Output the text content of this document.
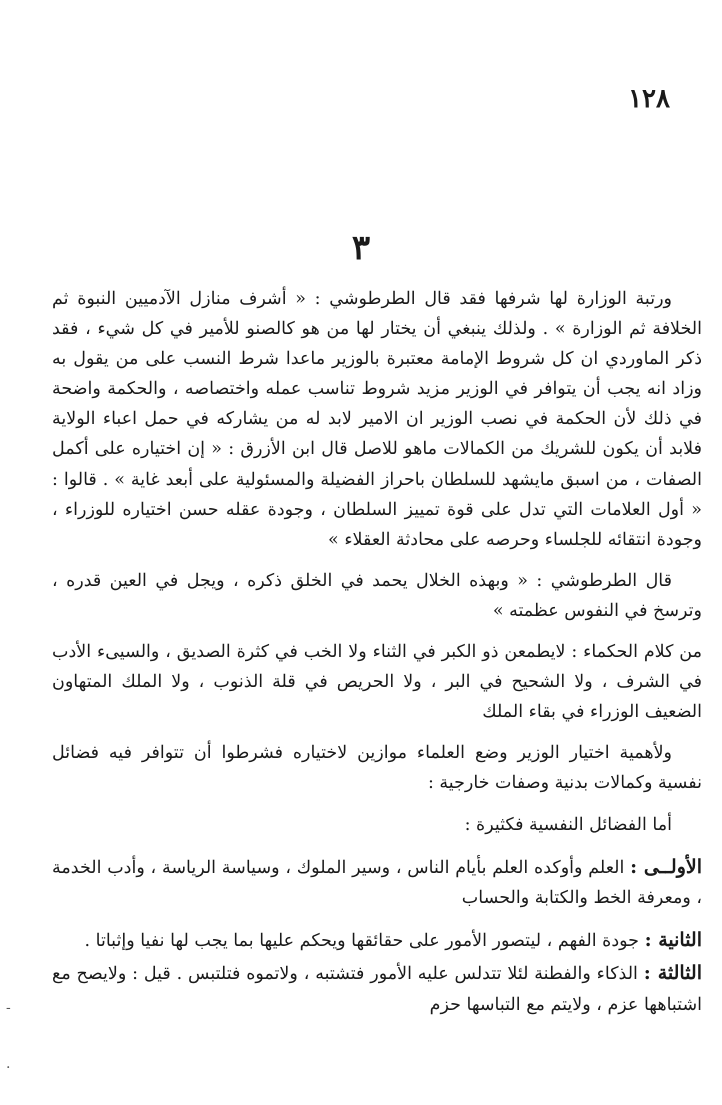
١٢٨
٣

ورتبة الوزارة لها شرفها فقد قال الطرطوشي : « أشرف منازل الآدميين النبوة ثم الخلافة ثم الوزارة » . ولذلك ينبغي أن يختار لها من هو كالصنو للأمير في كل شيء ، فقد ذكر الماوردي ان كل شروط الإمامة معتبرة بالوزير ماعدا شرط النسب على من يقول به وزاد انه يجب أن يتوافر في الوزير مزيد شروط تناسب عمله واختصاصه ، والحكمة واضحة في ذلك لأن الحكمة في نصب الوزير ان الامير لابد له من يشاركه في حمل اعباء الولاية فلابد أن يكون للشريك من الكمالات ماهو للاصل قال ابن الأزرق : « إن اختياره على أكمل الصفات ، من اسبق مايشهد للسلطان باحراز الفضيلة والمسئولية على أبعد غاية » . قالوا : « أول العلامات التي تدل على قوة تمييز السلطان ، وجودة عقله حسن اختياره للوزراء ، وجودة انتقائه للجلساء وحرصه على محادثة العقلاء »

قال الطرطوشي : « وبهذه الخلال يحمد في الخلق ذكره ، ويجل في العين قدره ، وترسخ في النفوس عظمته »

من كلام الحكماء : لايطمعن ذو الكبر في الثناء ولا الخب في كثرة الصديق ، والسيىء الأدب في الشرف ، ولا الشحيح في البر ، ولا الحريص في قلة الذنوب ، ولا الملك المتهاون الضعيف الوزراء في بقاء الملك

ولأهمية اختيار الوزير وضع العلماء موازين لاختياره فشرطوا أن تتوافر فيه فضائل نفسية وكمالات بدنية وصفات خارجية :

أما الفضائل النفسية فكثيرة :

الأولــى : العلم وأوكده العلم بأيام الناس ، وسير الملوك ، وسياسة الرياسة ، وأدب الخدمة ، ومعرفة الخط والكتابة والحساب

الثانية : جودة الفهم ، ليتصور الأمور على حقائقها ويحكم عليها بما يجب لها نفيا وإثباتا .

الثالثة : الذكاء والفطنة لئلا تتدلس عليه الأمور فتشتبه ، ولاتموه فتلتبس . قيل : ولايصح مع اشتباهها عزم ، ولايتم مع التباسها حزم

-
.
